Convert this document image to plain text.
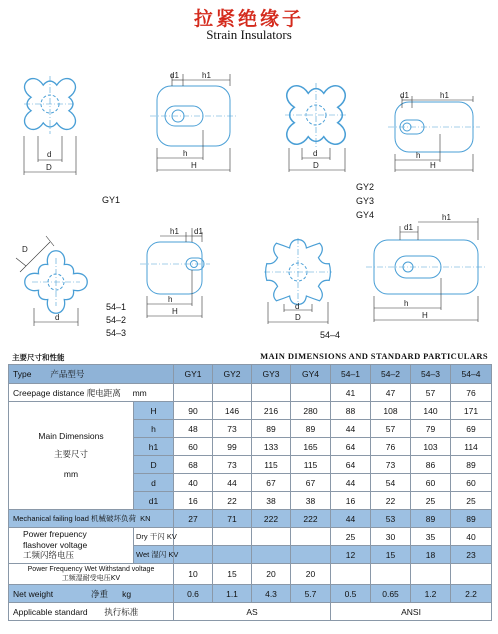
拉紧绝缘子
Strain Insulators
d
D
d1	h1
h
H
d
D
d1	h1
h
H
D
d
h1 d1
h
H
d
D
d1
h1
h
H
GY1
GY2
GY3
GY4
54–1
54–2
54–3	54–4
主要尺寸和性能	MAIN DIMENSIONS AND STANDARD PARTICULARS
Type 产品型号		GY1	GY2	GY3	GY4	54–1	54–2	54–3	54–4
Creepage distance 爬电距离 mm						41	47	57	76

Main Dimensions
主要尺寸
mm	H	90	146	216	280	88	108	140	171
	h	48	73	89	89	44	57	79	69
	h1	60	99	133	165	64	76	103	114
	D	68	73	115	115	64	73	86	89
	d	40	44	67	67	44	54	60	60
	d1	16	22	38	38	16	22	25	25
Mechanical failing load 机械破坏负荷 KN		27	71	222	222	44	53	89	89

Power frepuency
flashover voltage
工频闪络电压	Dry 干闪 KV					25	30	35	40
	Wet 湿闪 KV					12	15	18	23

Power Frequency Wet Withstand voltage
工频湿耐受电压KV		10	15	20	20				
Net weight 净重 kg		0.6	1.1	4.3	5.7	0.5	0.65	1.2	2.2
Applicable standard 执行标准		AS				ANSI			
